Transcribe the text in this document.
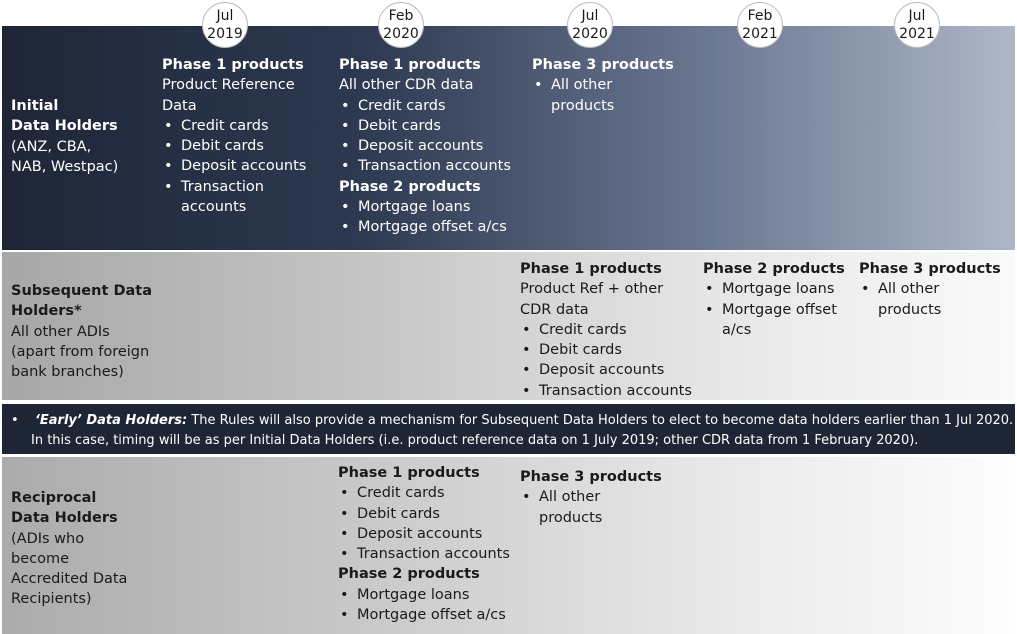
Jul
2019
Feb
2020
Jul
2020
Feb
2021
Jul
2021
Initial
Data Holders
(ANZ, CBA,
NAB, Westpac)
Phase 1 products
Product Reference
Data
• Credit cards
• Debit cards
• Deposit accounts
• Transaction
accounts
Phase 1 products
All other CDR data
• Credit cards
• Debit cards
• Deposit accounts
• Transaction accounts
Phase 2 products
• Mortgage loans
• Mortgage offset a/cs
Phase 3 products
• All other
products
Subsequent Data
Holders*
All other ADIs
(apart from foreign
bank branches)
Phase 1 products
Product Ref + other
CDR data
• Credit cards
• Debit cards
• Deposit accounts
• Transaction accounts
Phase 2 products
• Mortgage loans
• Mortgage offset
a/cs
Phase 3 products
• All other
products
• ‘Early’ Data Holders: The Rules will also provide a mechanism for Subsequent Data Holders to elect to become data holders earlier than 1 Jul 2020.
In this case, timing will be as per Initial Data Holders (i.e. product reference data on 1 July 2019; other CDR data from 1 February 2020).
Reciprocal
Data Holders
(ADIs who
become
Accredited Data
Recipients)
Phase 1 products
• Credit cards
• Debit cards
• Deposit accounts
• Transaction accounts
Phase 2 products
• Mortgage loans
• Mortgage offset a/cs
Phase 3 products
• All other
products
